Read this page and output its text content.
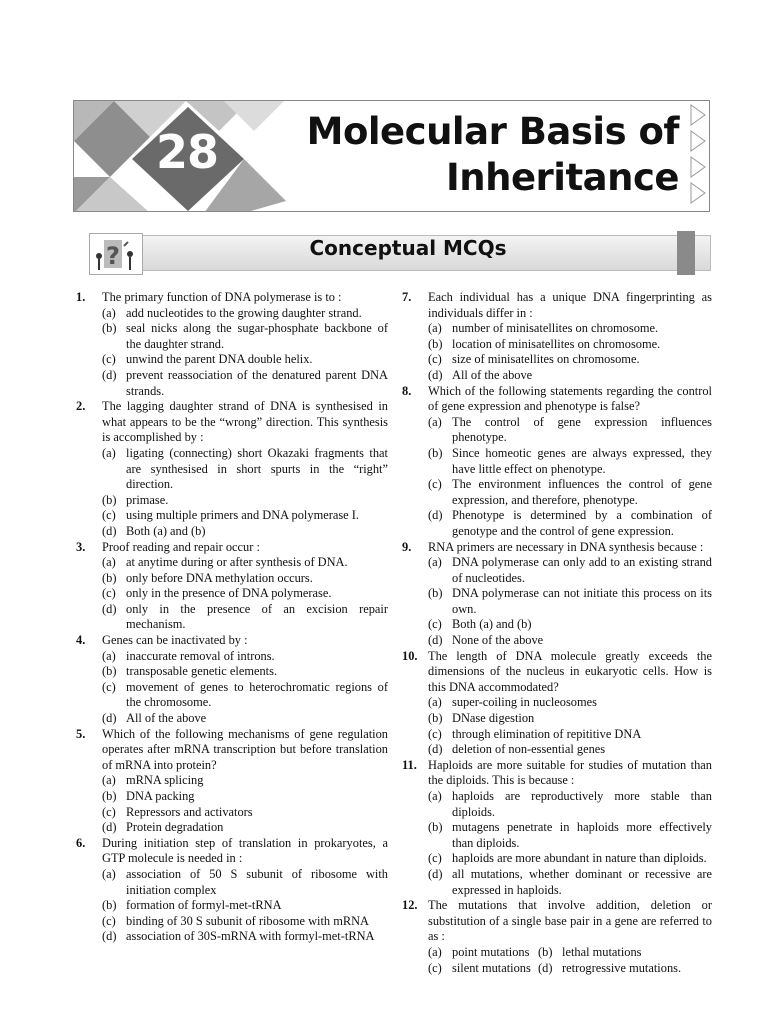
28	Molecular Basis of
Inheritance
?	Conceptual MCQs
1. The primary function of DNA polymerase is to :
(a) add nucleotides to the growing daughter strand.
(b) seal nicks along the sugar-phosphate backbone of the daughter strand.
(c) unwind the parent DNA double helix.
(d) prevent reassociation of the denatured parent DNA strands.
2. The lagging daughter strand of DNA is synthesised in what appears to be the “wrong” direction. This synthesis is accomplished by :
(a) ligating (connecting) short Okazaki fragments that are synthesised in short spurts in the “right” direction.
(b) primase.
(c) using multiple primers and DNA polymerase I.
(d) Both (a) and (b)
3. Proof reading and repair occur :
(a) at anytime during or after synthesis of DNA.
(b) only before DNA methylation occurs.
(c) only in the presence of DNA polymerase.
(d) only in the presence of an excision repair mechanism.
4. Genes can be inactivated by :
(a) inaccurate removal of introns.
(b) transposable genetic elements.
(c) movement of genes to heterochromatic regions of the chromosome.
(d) All of the above
5. Which of the following mechanisms of gene regulation operates after mRNA transcription but before translation of mRNA into protein?
(a) mRNA splicing
(b) DNA packing
(c) Repressors and activators
(d) Protein degradation
6. During initiation step of translation in prokaryotes, a GTP molecule is needed in :
(a) association of 50 S subunit of ribosome with initiation complex
(b) formation of formyl-met-tRNA
(c) binding of 30 S subunit of ribosome with mRNA
(d) association of 30S-mRNA with formyl-met-tRNA
7. Each individual has a unique DNA fingerprinting as individuals differ in :
(a) number of minisatellites on chromosome.
(b) location of minisatellites on chromosome.
(c) size of minisatellites on chromosome.
(d) All of the above
8. Which of the following statements regarding the control of gene expression and phenotype is false?
(a) The control of gene expression influences phenotype.
(b) Since homeotic genes are always expressed, they have little effect on phenotype.
(c) The environment influences the control of gene expression, and therefore, phenotype.
(d) Phenotype is determined by a combination of genotype and the control of gene expression.
9. RNA primers are necessary in DNA synthesis because :
(a) DNA polymerase can only add to an existing strand of nucleotides.
(b) DNA polymerase can not initiate this process on its own.
(c) Both (a) and (b)
(d) None of the above
10. The length of DNA molecule greatly exceeds the dimensions of the nucleus in eukaryotic cells. How is this DNA accommodated?
(a) super-coiling in nucleosomes
(b) DNase digestion
(c) through elimination of repititive DNA
(d) deletion of non-essential genes
11. Haploids are more suitable for studies of mutation than the diploids. This is because :
(a) haploids are reproductively more stable than diploids.
(b) mutagens penetrate in haploids more effectively than diploids.
(c) haploids are more abundant in nature than diploids.
(d) all mutations, whether dominant or recessive are expressed in haploids.
12. The mutations that involve addition, deletion or substitution of a single base pair in a gene are referred to as :
(a) point mutations (b) lethal mutations
(c) silent mutations (d) retrogressive mutations.
